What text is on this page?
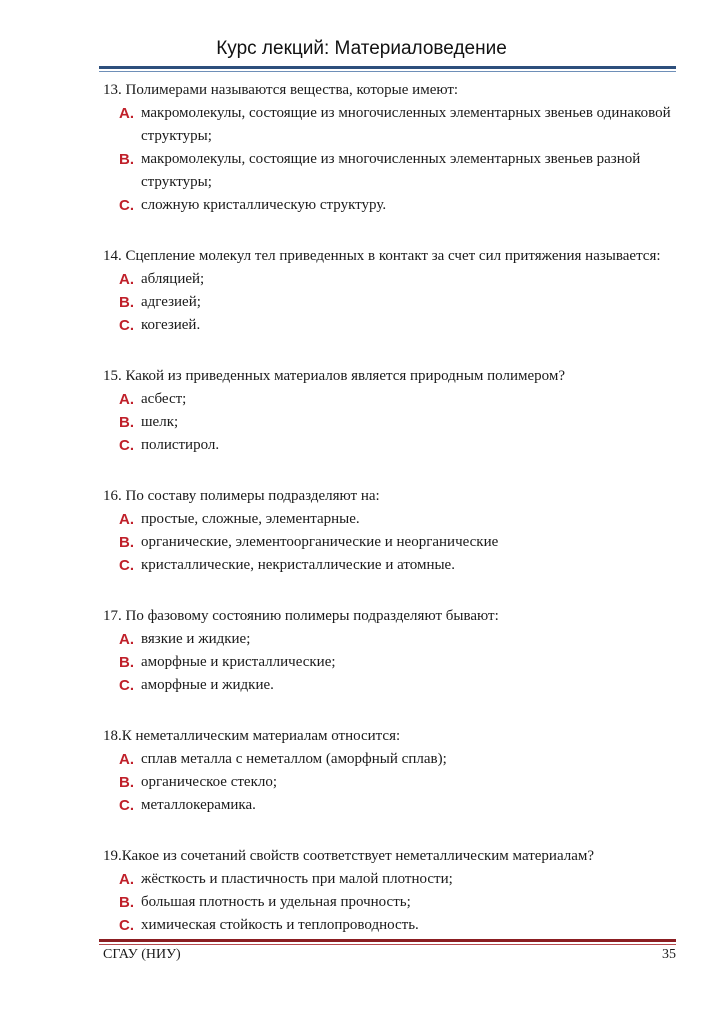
Курс лекций: Материаловедение
13. Полимерами называются вещества, которые имеют:
A. макромолекулы, состоящие из многочисленных элементарных звеньев одинаковой структуры;
B. макромолекулы, состоящие из многочисленных элементарных звеньев разной структуры;
C. сложную кристаллическую структуру.
14. Сцепление молекул тел приведенных в контакт за счет сил притяжения называется:
A. абляцией;
B. адгезией;
C. когезией.
15. Какой из приведенных материалов является природным полимером?
A. асбест;
B. шелк;
C. полистирол.
16. По составу полимеры подразделяют на:
A. простые, сложные, элементарные.
B. органические, элементоорганические и неорганические
C. кристаллические, некристаллические и атомные.
17. По фазовому состоянию полимеры подразделяют бывают:
A. вязкие и жидкие;
B. аморфные и кристаллические;
C. аморфные и жидкие.
18.К неметаллическим материалам относится:
A. сплав металла с неметаллом (аморфный сплав);
B. органическое стекло;
C. металлокерамика.
19.Какое из сочетаний свойств соответствует неметаллическим материалам?
A. жёсткость и пластичность при малой плотности;
B. большая плотность и удельная прочность;
C. химическая стойкость и теплопроводность.
СГАУ (НИУ)	35
